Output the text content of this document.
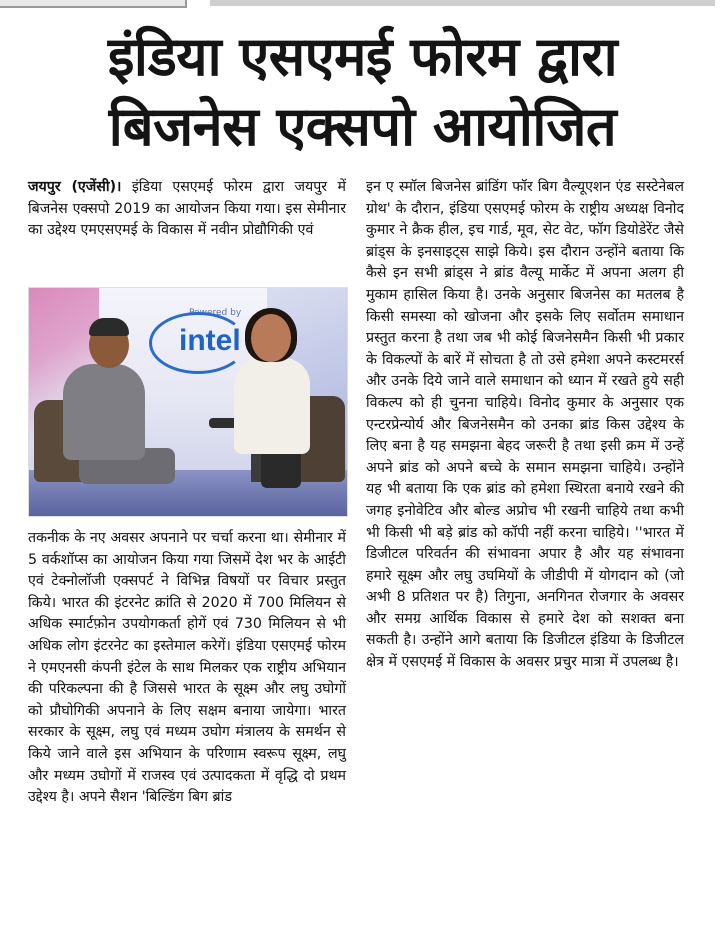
इंडिया एसएमई फोरम द्वारा
बिजनेस एक्सपो आयोजित
जयपुर (एजेंसी)। इंडिया एसएमई फोरम द्वारा जयपुर में बिजनेस एक्सपो 2019 का आयोजन किया गया। इस सेमीनार का उद्देश्य एमएसएमई के विकास में नवीन प्रोद्यौगिकी एवं
Powered by
intel
तकनीक के नए अवसर अपनाने पर चर्चा करना था। सेमीनार में 5 वर्कशॉप्स का आयोजन किया गया जिसमें देश भर के आईटी एवं टेक्नोलॉजी एक्सपर्ट ने विभिन्न विषयों पर विचार प्रस्तुत किये। भारत की इंटरनेट क्रांति से 2020 में 700 मिलियन से अधिक स्मार्टफ़ोन उपयोगकर्ता होगें एवं 730 मिलियन से भी अधिक लोग इंटरनेट का इस्तेमाल करेगें। इंडिया एसएमई फोरम ने एमएनसी कंपनी इंटेल के साथ मिलकर एक राष्ट्रीय अभियान की परिकल्पना की है जिससे भारत के सूक्ष्म और लघु उघोगों को प्रौघोगिकी अपनाने के लिए सक्षम बनाया जायेगा। भारत सरकार के सूक्ष्म, लघु एवं मध्यम उघोग मंत्रालय के समर्थन से किये जाने वाले इस अभियान के परिणाम स्वरूप सूक्ष्म, लघु और मध्यम उघोगों में राजस्व एवं उत्पादकता में वृद्धि दो प्रथम उद्देश्य है। अपने सैशन 'बिल्डिंग बिग ब्रांड
इन ए स्मॉल बिजनेस ब्रांडिंग फॉर बिग वैल्यूएशन एंड सस्टेनेबल ग्रोथ' के दौरान, इंडिया एसएमई फोरम के राष्ट्रीय अध्यक्ष विनोद कुमार ने क्रैक हील, इच गार्ड, मूव, सेट वेट, फॉग डियोडेरेंट जैसे ब्रांड्स के इनसाइट्स साझे किये। इस दौरान उन्होंने बताया कि कैसे इन सभी ब्रांड्स ने ब्रांड वैल्यू मार्केट में अपना अलग ही मुकाम हासिल किया है। उनके अनुसार बिजनेस का मतलब है किसी समस्या को खोजना और इसके लिए सर्वोतम समाधान प्रस्तुत करना है तथा जब भी कोई बिजनेसमैन किसी भी प्रकार के विकल्पों के बारें में सोचता है तो उसे हमेशा अपने कस्टमरर्स और उनके दिये जाने वाले समाधान को ध्यान में रखते हुये सही विकल्प को ही चुनना चाहिये। विनोद कुमार के अनुसार एक एन्टरप्रेन्योर्य और बिजनेसमैन को उनका ब्रांड किस उद्देश्य के लिए बना है यह समझना बेहद जरूरी है तथा इसी क्रम में उन्हें अपने ब्रांड को अपने बच्चे के समान समझना चाहिये। उन्होंने यह भी बताया कि एक ब्रांड को हमेशा स्थिरता बनाये रखने की जगह इनोवेटिव और बोल्ड अप्रोच भी रखनी चाहिये तथा कभी भी किसी भी बड़े ब्रांड को कॉपी नहीं करना चाहिये। ''भारत में डिजीटल परिवर्तन की संभावना अपार है और यह संभावना हमारे सूक्ष्म और लघु उघमियों के जीडीपी में योगदान को (जो अभी 8 प्रतिशत पर है) तिगुना, अनगिनत रोजगार के अवसर और समग्र आर्थिक विकास से हमारे देश को सशक्त बना सकती है। उन्होंने आगे बताया कि डिजीटल इंडिया के डिजीटल क्षेत्र में एसएमई में विकास के अवसर प्रचुर मात्रा में उपलब्ध है।
